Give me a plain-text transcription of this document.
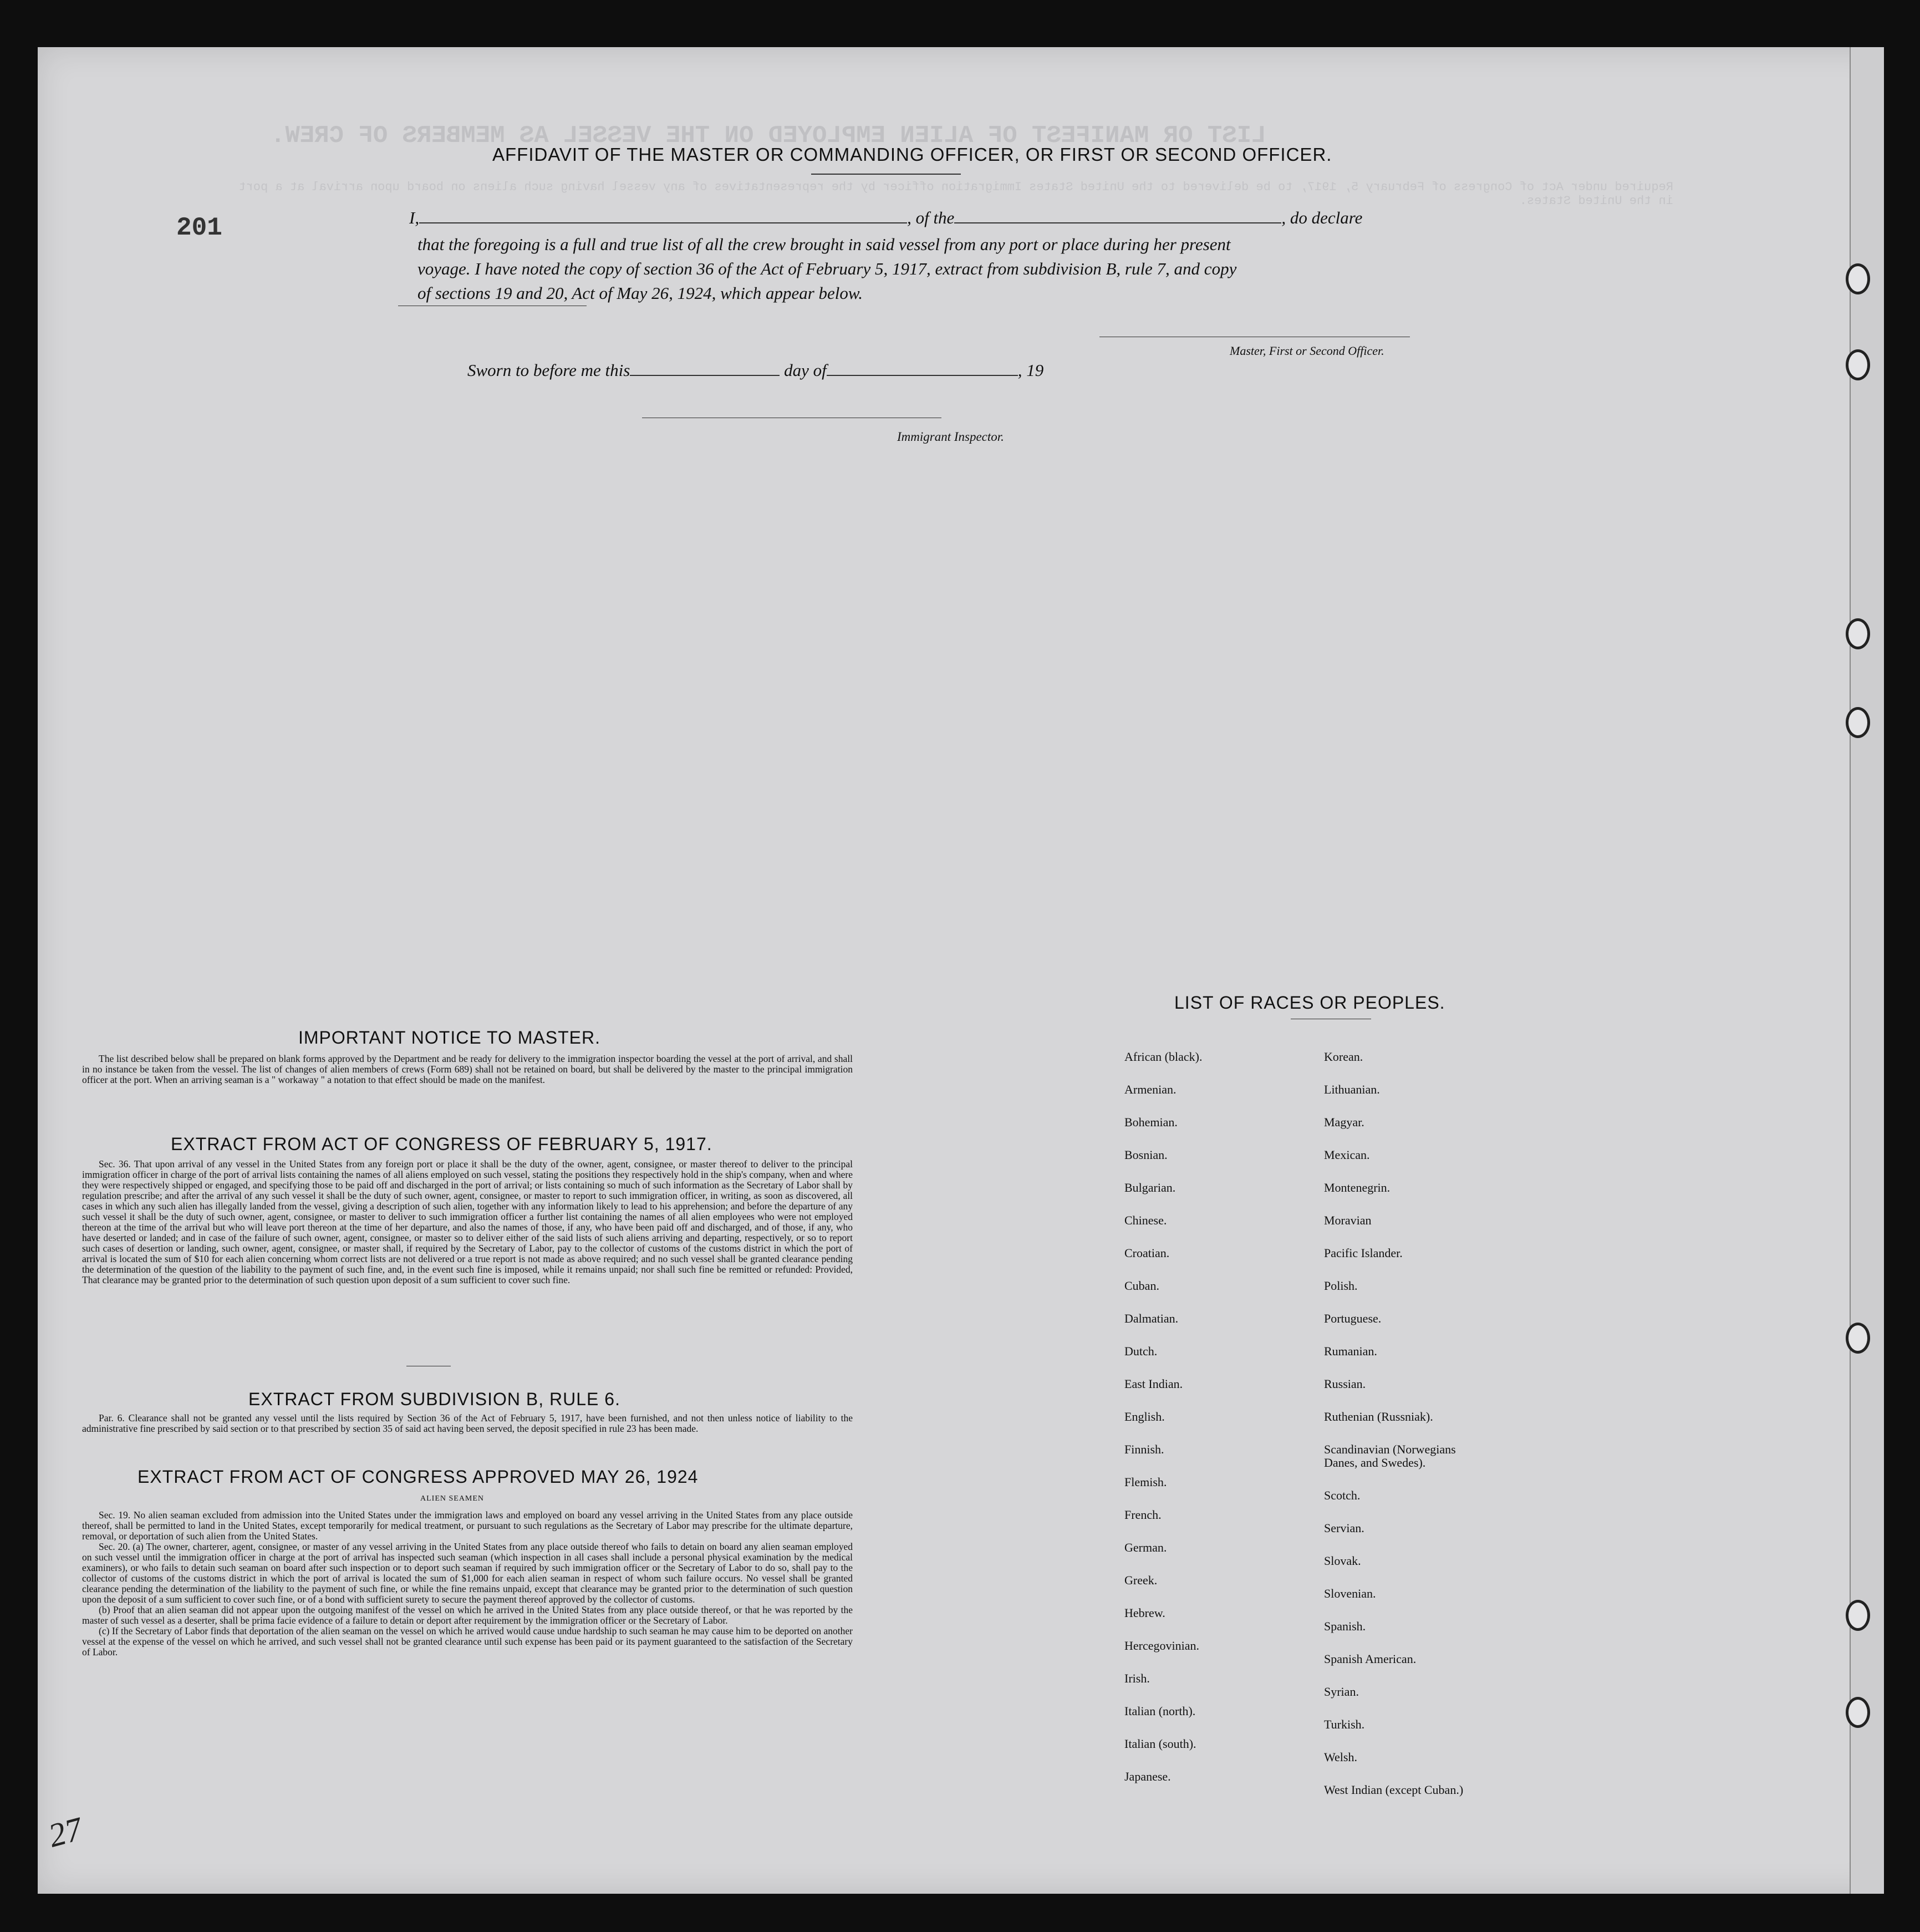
LIST OR MANIFEST OF ALIEN EMPLOYED ON THE VESSEL AS MEMBERS OF CREW.
Required under Act of Congress of February 5, 1917, to be delivered to the United States Immigration officer by the representatives of any vessel having such aliens on board upon arrival at a port in the United States.
201
27
AFFIDAVIT OF THE MASTER OR COMMANDING OFFICER, OR FIRST OR SECOND OFFICER.
I,	, of the	, do declare
that the foregoing is a full and true list of all the crew brought in said vessel from any port or place during her present
voyage. I have noted the copy of section 36 of the Act of February 5, 1917, extract from subdivision B, rule 7, and copy
of sections 19 and 20, Act of May 26, 1924, which appear below.
Master, First or Second Officer.
Sworn to before me this	day of	, 19
Immigrant Inspector.
IMPORTANT NOTICE TO MASTER.

The list described below shall be prepared on blank forms approved by the Department and be ready for delivery to the immigration inspector boarding the vessel at the port of arrival, and shall in no instance be taken from the vessel. The list of changes of alien members of crews (Form 689) shall not be retained on board, but shall be delivered by the master to the principal immigration officer at the port. When an arriving seaman is a " workaway " a notation to that effect should be made on the manifest.

EXTRACT FROM ACT OF CONGRESS OF FEBRUARY 5, 1917.

Sec. 36. That upon arrival of any vessel in the United States from any foreign port or place it shall be the duty of the owner, agent, consignee, or master thereof to deliver to the principal immigration officer in charge of the port of arrival lists containing the names of all aliens employed on such vessel, stating the positions they respectively hold in the ship's company, when and where they were respectively shipped or engaged, and specifying those to be paid off and discharged in the port of arrival; or lists containing so much of such information as the Secretary of Labor shall by regulation prescribe; and after the arrival of any such vessel it shall be the duty of such owner, agent, consignee, or master to report to such immigration officer, in writing, as soon as discovered, all cases in which any such alien has illegally landed from the vessel, giving a description of such alien, together with any information likely to lead to his apprehension; and before the departure of any such vessel it shall be the duty of such owner, agent, consignee, or master to deliver to such immigration officer a further list containing the names of all alien employees who were not employed thereon at the time of the arrival but who will leave port thereon at the time of her departure, and also the names of those, if any, who have been paid off and discharged, and of those, if any, who have deserted or landed; and in case of the failure of such owner, agent, consignee, or master so to deliver either of the said lists of such aliens arriving and departing, respectively, or so to report such cases of desertion or landing, such owner, agent, consignee, or master shall, if required by the Secretary of Labor, pay to the collector of customs of the customs district in which the port of arrival is located the sum of $10 for each alien concerning whom correct lists are not delivered or a true report is not made as above required; and no such vessel shall be granted clearance pending the determination of the question of the liability to the payment of such fine, and, in the event such fine is imposed, while it remains unpaid; nor shall such fine be remitted or refunded: Provided, That clearance may be granted prior to the determination of such question upon deposit of a sum sufficient to cover such fine.

EXTRACT FROM SUBDIVISION B, RULE 6.

Par. 6. Clearance shall not be granted any vessel until the lists required by Section 36 of the Act of February 5, 1917, have been furnished, and not then unless notice of liability to the administrative fine prescribed by said section or to that prescribed by section 35 of said act having been served, the deposit specified in rule 23 has been made.

EXTRACT FROM ACT OF CONGRESS APPROVED MAY 26, 1924
ALIEN SEAMEN

Sec. 19. No alien seaman excluded from admission into the United States under the immigration laws and employed on board any vessel arriving in the United States from any place outside thereof, shall be permitted to land in the United States, except temporarily for medical treatment, or pursuant to such regulations as the Secretary of Labor may prescribe for the ultimate departure, removal, or deportation of such alien from the United States.

Sec. 20. (a) The owner, charterer, agent, consignee, or master of any vessel arriving in the United States from any place outside thereof who fails to detain on board any alien seaman employed on such vessel until the immigration officer in charge at the port of arrival has inspected such seaman (which inspection in all cases shall include a personal physical examination by the medical examiners), or who fails to detain such seaman on board after such inspection or to deport such seaman if required by such immigration officer or the Secretary of Labor to do so, shall pay to the collector of customs of the customs district in which the port of arrival is located the sum of $1,000 for each alien seaman in respect of whom such failure occurs. No vessel shall be granted clearance pending the determination of the liability to the payment of such fine, or while the fine remains unpaid, except that clearance may be granted prior to the determination of such question upon the deposit of a sum sufficient to cover such fine, or of a bond with sufficient surety to secure the payment thereof approved by the collector of customs.

(b) Proof that an alien seaman did not appear upon the outgoing manifest of the vessel on which he arrived in the United States from any place outside thereof, or that he was reported by the master of such vessel as a deserter, shall be prima facie evidence of a failure to detain or deport after requirement by the immigration officer or the Secretary of Labor.

(c) If the Secretary of Labor finds that deportation of the alien seaman on the vessel on which he arrived would cause undue hardship to such seaman he may cause him to be deported on another vessel at the expense of the vessel on which he arrived, and such vessel shall not be granted clearance until such expense has been paid or its payment guaranteed to the satisfaction of the Secretary of Labor.

LIST OF RACES OR PEOPLES.
African (black).
Armenian.
Bohemian.
Bosnian.
Bulgarian.
Chinese.
Croatian.
Cuban.
Dalmatian.
Dutch.
East Indian.
English.
Finnish.
Flemish.
French.
German.
Greek.
Hebrew.
Hercegovinian.
Irish.
Italian (north).
Italian (south).
Japanese.
Korean.
Lithuanian.
Magyar.
Mexican.
Montenegrin.
Moravian
Pacific Islander.
Polish.
Portuguese.
Rumanian.
Russian.
Ruthenian (Russniak).
Scandinavian (Norwegians
Danes, and Swedes).
Scotch.
Servian.
Slovak.
Slovenian.
Spanish.
Spanish American.
Syrian.
Turkish.
Welsh.
West Indian (except Cuban.)
